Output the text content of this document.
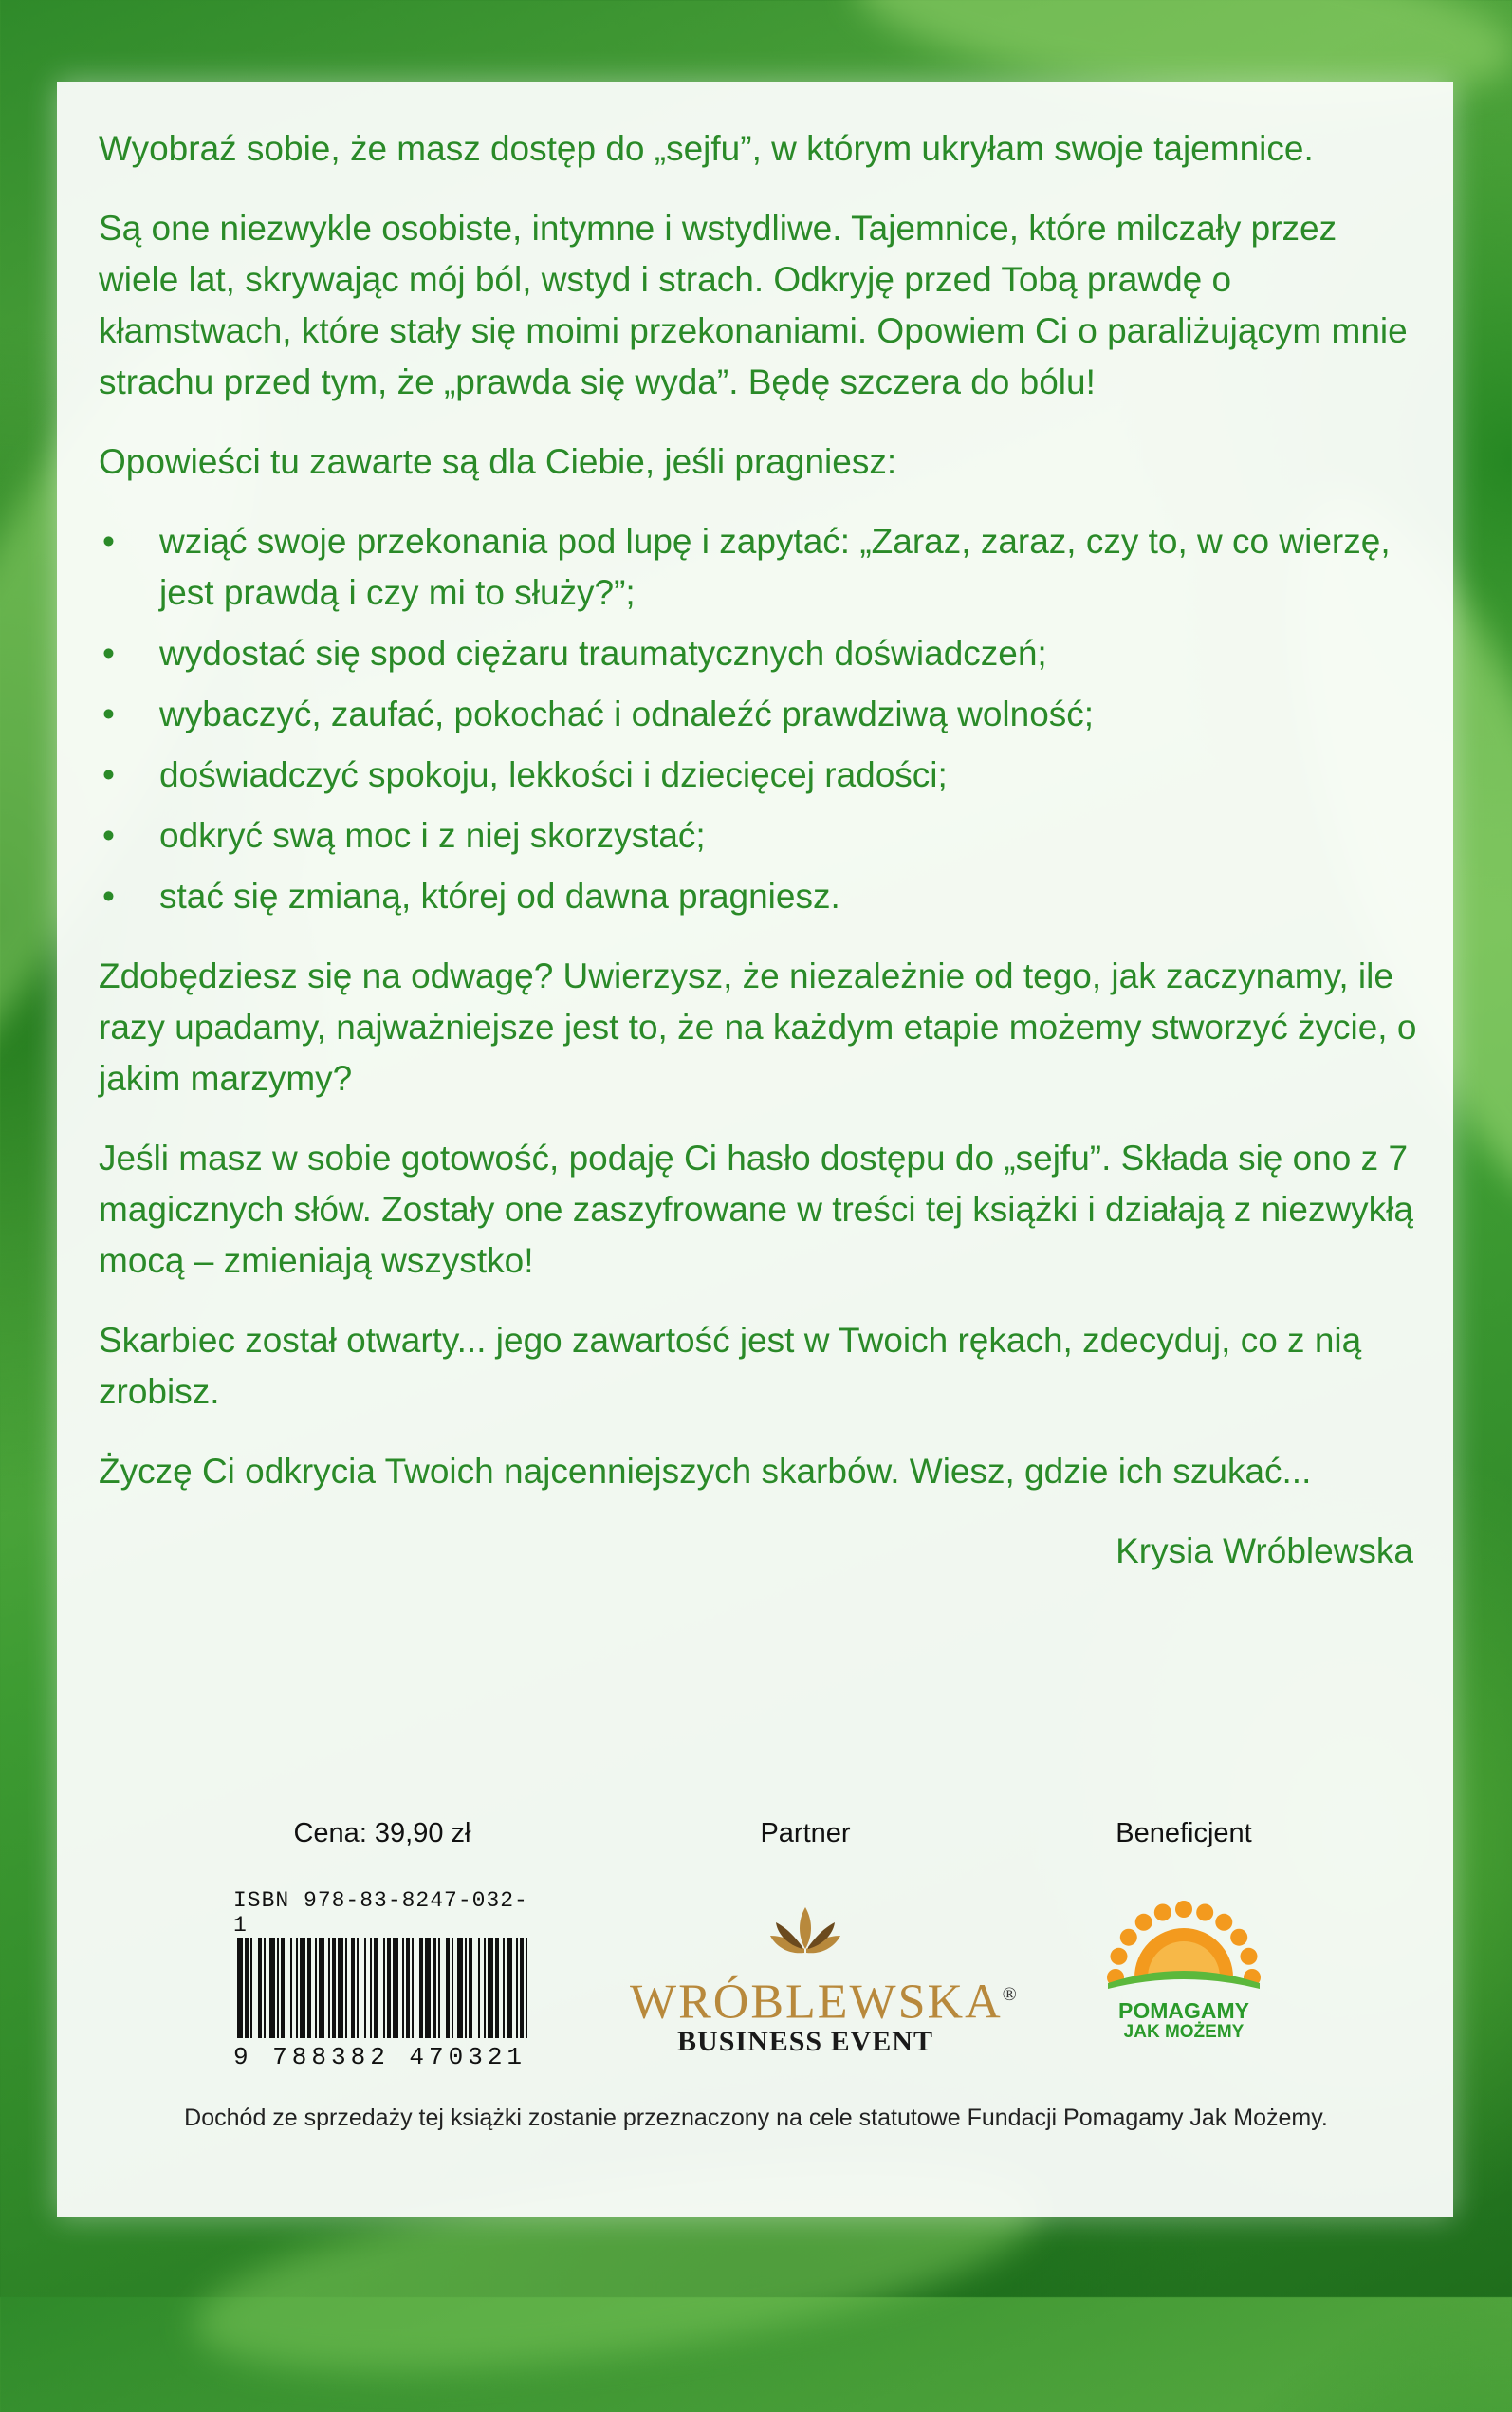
Wyobraź sobie, że masz dostęp do „sejfu”, w którym ukryłam swoje tajemnice.

Są one niezwykle osobiste, intymne i wstydliwe. Tajemnice, które milczały przez wiele lat, skrywając mój ból, wstyd i strach. Odkryję przed Tobą prawdę o kłamstwach, które stały się moimi przekonaniami. Opowiem Ci o paraliżującym mnie strachu przed tym, że „prawda się wyda”. Będę szczera do bólu!

Opowieści tu zawarte są dla Ciebie, jeśli pragniesz:

• wziąć swoje przekonania pod lupę i zapytać: „Zaraz, zaraz, czy to, w co wierzę, jest prawdą i czy mi to służy?”;
• wydostać się spod ciężaru traumatycznych doświadczeń;
• wybaczyć, zaufać, pokochać i odnaleźć prawdziwą wolność;
• doświadczyć spokoju, lekkości i dziecięcej radości;
• odkryć swą moc i z niej skorzystać;
• stać się zmianą, której od dawna pragniesz.

Zdobędziesz się na odwagę? Uwierzysz, że niezależnie od tego, jak zaczynamy, ile razy upadamy, najważniejsze jest to, że na każdym etapie możemy stworzyć życie, o jakim marzymy?

Jeśli masz w sobie gotowość, podaję Ci hasło dostępu do „sejfu”. Składa się ono z 7 magicznych słów. Zostały one zaszyfrowane w treści tej książki i działają z niezwykłą mocą – zmieniają wszystko!

Skarbiec został otwarty... jego zawartość jest w Twoich rękach, zdecyduj, co z nią zrobisz.

Życzę Ci odkrycia Twoich najcenniejszych skarbów. Wiesz, gdzie ich szukać...

Krysia Wróblewska
Cena: 39,90 zł	Partner	Beneficjent
ISBN 978-83-8247-032-1
9 788382 470321
WRÓBLEWSKA®
BUSINESS EVENT
POMAGAMY
JAK MOŻEMY
Dochód ze sprzedaży tej książki zostanie przeznaczony na cele statutowe Fundacji Pomagamy Jak Możemy.
